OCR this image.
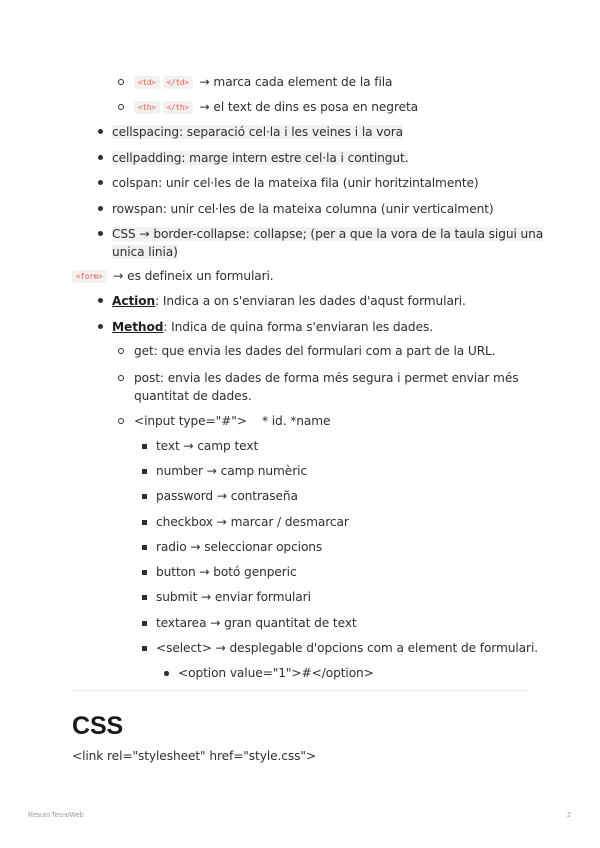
<td> </td> → marca cada element de la fila
<th> </th> → el text de dins es posa en negreta
cellspacing: separació cel·la i les veines i la vora
cellpadding: marge intern estre cel·la i contingut.
colspan: unir cel·les de la mateixa fila (unir horitzintalmente)
rowspan: unir cel·les de la mateixa columna (unir verticalment)
CSS → border-collapse: collapse; (per a que la vora de la taula sigui una
unica linia)
<form> → es defineix un formulari.
Action: Indica a on s'enviaran les dades d'aqust formulari.
Method: Indica de quina forma s'enviaran les dades.
get: que envia les dades del formulari com a part de la URL.
post: envia les dades de forma més segura i permet enviar més
quantitat de dades.
<input type="#">    * id. *name
text → camp text
number → camp numèric
password → contraseña
checkbox → marcar / desmarcar
radio → seleccionar opcions
button → botó genperic
submit → enviar formulari
textarea → gran quantitat de text
<select> → desplegable d'opcions com a element de formulari.
<option value="1">#</option>
CSS
<link rel="stylesheet" href="style.css">
Resum TecnoWeb	2
